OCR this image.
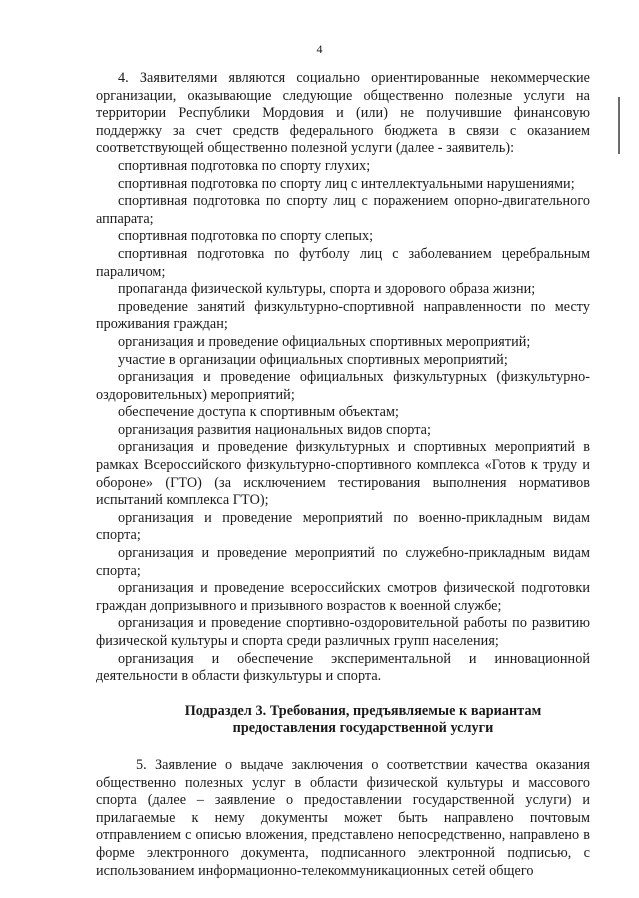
4

4. Заявителями являются социально ориентированные некоммерческие организации, оказывающие следующие общественно полезные услуги на территории Республики Мордовия и (или) не получившие финансовую поддержку за счет средств федерального бюджета в связи с оказанием соответствующей общественно полезной услуги (далее - заявитель):

спортивная подготовка по спорту глухих;

спортивная подготовка по спорту лиц с интеллектуальными нарушениями;

спортивная подготовка по спорту лиц с поражением опорно-двигательного аппарата;

спортивная подготовка по спорту слепых;

спортивная подготовка по футболу лиц с заболеванием церебральным параличом;

пропаганда физической культуры, спорта и здорового образа жизни;

проведение занятий физкультурно-спортивной направленности по месту проживания граждан;

организация и проведение официальных спортивных мероприятий;

участие в организации официальных спортивных мероприятий;

организация и проведение официальных физкультурных (физкультурно-оздоровительных) мероприятий;

обеспечение доступа к спортивным объектам;

организация развития национальных видов спорта;

организация и проведение физкультурных и спортивных мероприятий в рамках Всероссийского физкультурно-спортивного комплекса «Готов к труду и обороне» (ГТО) (за исключением тестирования выполнения нормативов испытаний комплекса ГТО);

организация и проведение мероприятий по военно-прикладным видам спорта;

организация и проведение мероприятий по служебно-прикладным видам спорта;

организация и проведение всероссийских смотров физической подготовки граждан допризывного и призывного возрастов к военной службе;

организация и проведение спортивно-оздоровительной работы по развитию физической культуры и спорта среди различных групп населения;

организация и обеспечение экспериментальной и инновационной деятельности в области физкультуры и спорта.

Подраздел 3. Требования, предъявляемые к вариантам
предоставления государственной услуги

5. Заявление о выдаче заключения о соответствии качества оказания общественно полезных услуг в области физической культуры и массового спорта (далее – заявление о предоставлении государственной услуги) и прилагаемые к нему документы может быть направлено почтовым отправлением с описью вложения, представлено непосредственно, направлено в форме электронного документа, подписанного электронной подписью, с использованием информационно-телекоммуникационных сетей общего
